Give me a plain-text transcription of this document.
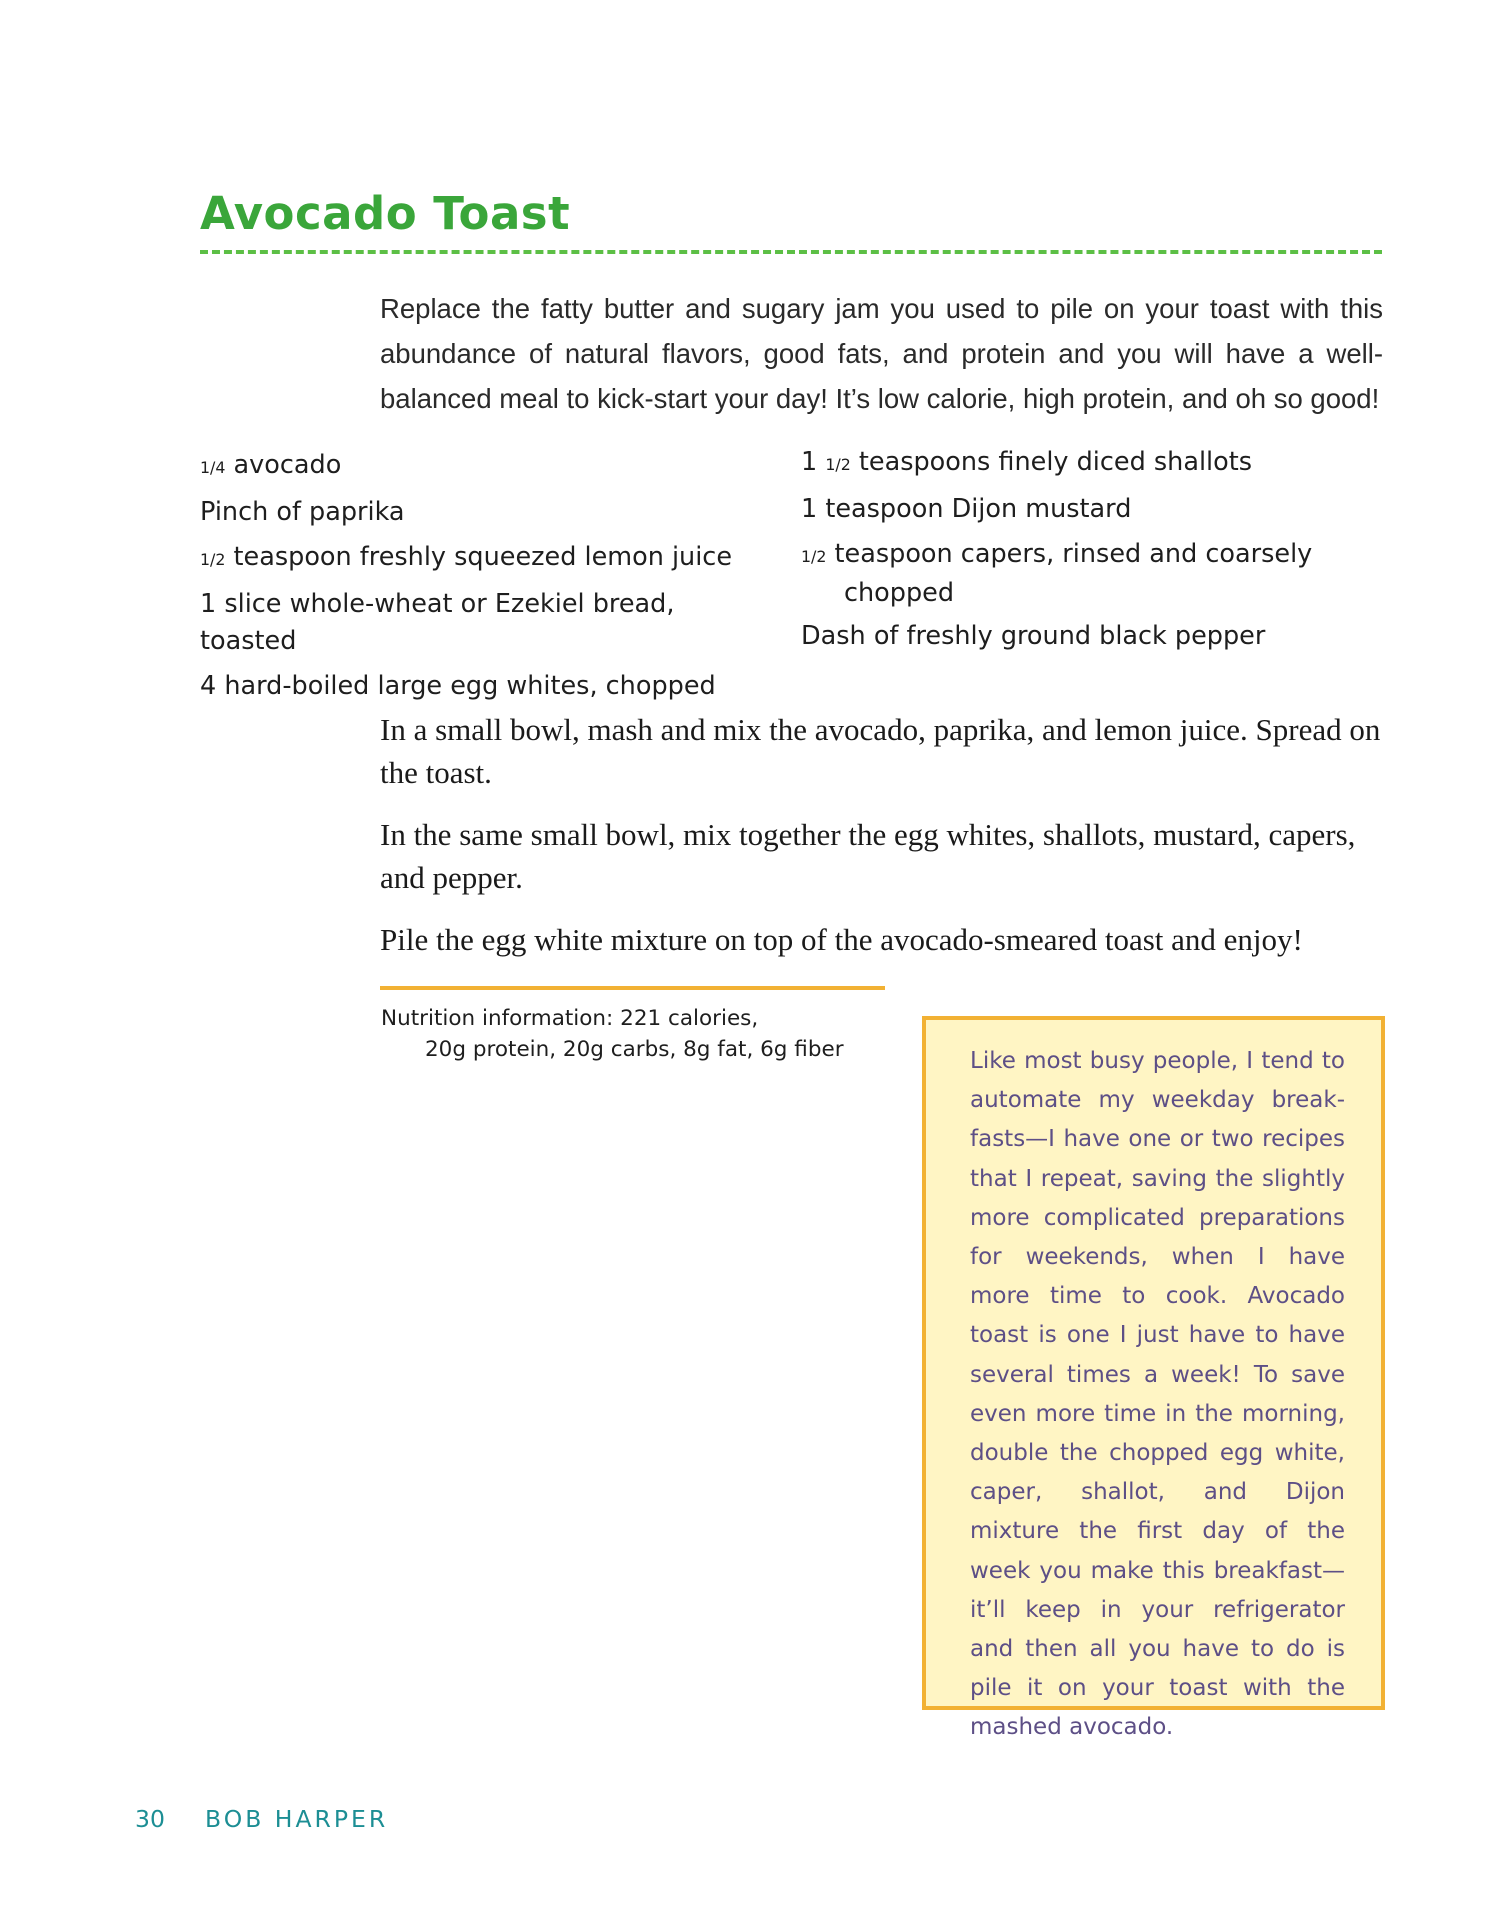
Avocado Toast

Replace the fatty butter and sugary jam you used to pile on your toast with this abundance of natural flavors, good fats, and protein and you will have a well-balanced meal to kick-start your day! It’s low calorie, high protein, and oh so good!

1/4 avocado
Pinch of paprika
1/2 teaspoon freshly squeezed lemon juice
1 slice whole-wheat or Ezekiel bread, toasted
4 hard-boiled large egg whites, chopped
1 1/2 teaspoons finely diced shallots
1 teaspoon Dijon mustard
1/2 teaspoon capers, rinsed and coarsely chopped
Dash of freshly ground black pepper

In a small bowl, mash and mix the avocado, paprika, and lemon juice. Spread on the toast.

In the same small bowl, mix together the egg whites, shallots, mustard, capers, and pepper.

Pile the egg white mixture on top of the avocado-smeared toast and enjoy!

Nutrition information: 221 calories,
20g protein, 20g carbs, 8g fat, 6g fiber	Like most busy people, I tend to automate my weekday breakfasts—I have one or two recipes that I repeat, saving the slightly more complicated preparations for weekends, when I have more time to cook. Avocado toast is one I just have to have several times a week! To save even more time in the morning, double the chopped egg white, caper, shallot, and Dijon mixture the first day of the week you make this breakfast—it’ll keep in your refrigerator and then all you have to do is pile it on your toast with the mashed avocado.

30 BOB HARPER
